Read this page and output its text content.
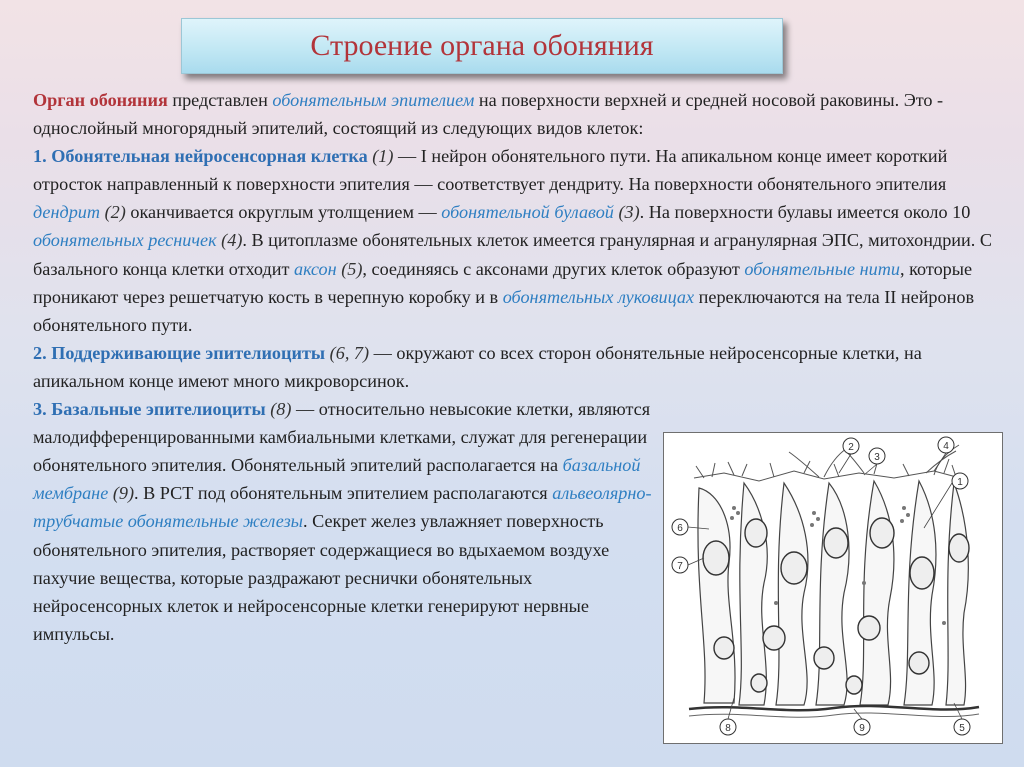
Строение органа обоняния

Орган обоняния представлен обонятельным эпителием на поверхности верхней и средней носовой раковины. Это - однослойный многорядный эпителий, состоящий из следующих видов клеток:

1. Обонятельная нейросенсорная клетка (1) — I нейрон обонятельного пути. На апикальном конце имеет короткий отросток направленный к поверхности эпителия — соответствует дендриту. На поверхности обонятельного эпителия дендрит (2) оканчивается округлым утолщением — обонятельной булавой (3). На поверхности булавы имеется около 10 обонятельных ресничек (4). В цитоплазме обонятельных клеток имеется гранулярная и агранулярная ЭПС, митохондрии. С базального конца клетки отходит аксон (5), соединяясь с аксонами других клеток образуют обонятельные нити, которые проникают через решетчатую кость в черепную коробку и в обонятельных луковицах переключаются на тела II нейронов обонятельного пути.

2. Поддерживающие эпителиоциты (6, 7) — окружают со всех сторон обонятельные нейросенсорные клетки, на апикальном конце имеют много микроворсинок.

3. Базальные эпителиоциты (8) — относительно невысокие клетки, являются малодифференцированными камбиальными клетками, служат для регенерации обонятельного эпителия. Обонятельный эпителий располагается на базальной мембране (9). В РСТ под обонятельным эпителием располагаются альвеолярно-трубчатые обонятельные железы. Секрет желез увлажняет поверхность обонятельного эпителия, растворяет содержащиеся во вдыхаемом воздухе пахучие вещества, которые раздражают реснички обонятельных нейросенсорных клеток и нейросенсорные клетки генерируют нервные импульсы.

2
3
4
1
6
7
8	9	5
